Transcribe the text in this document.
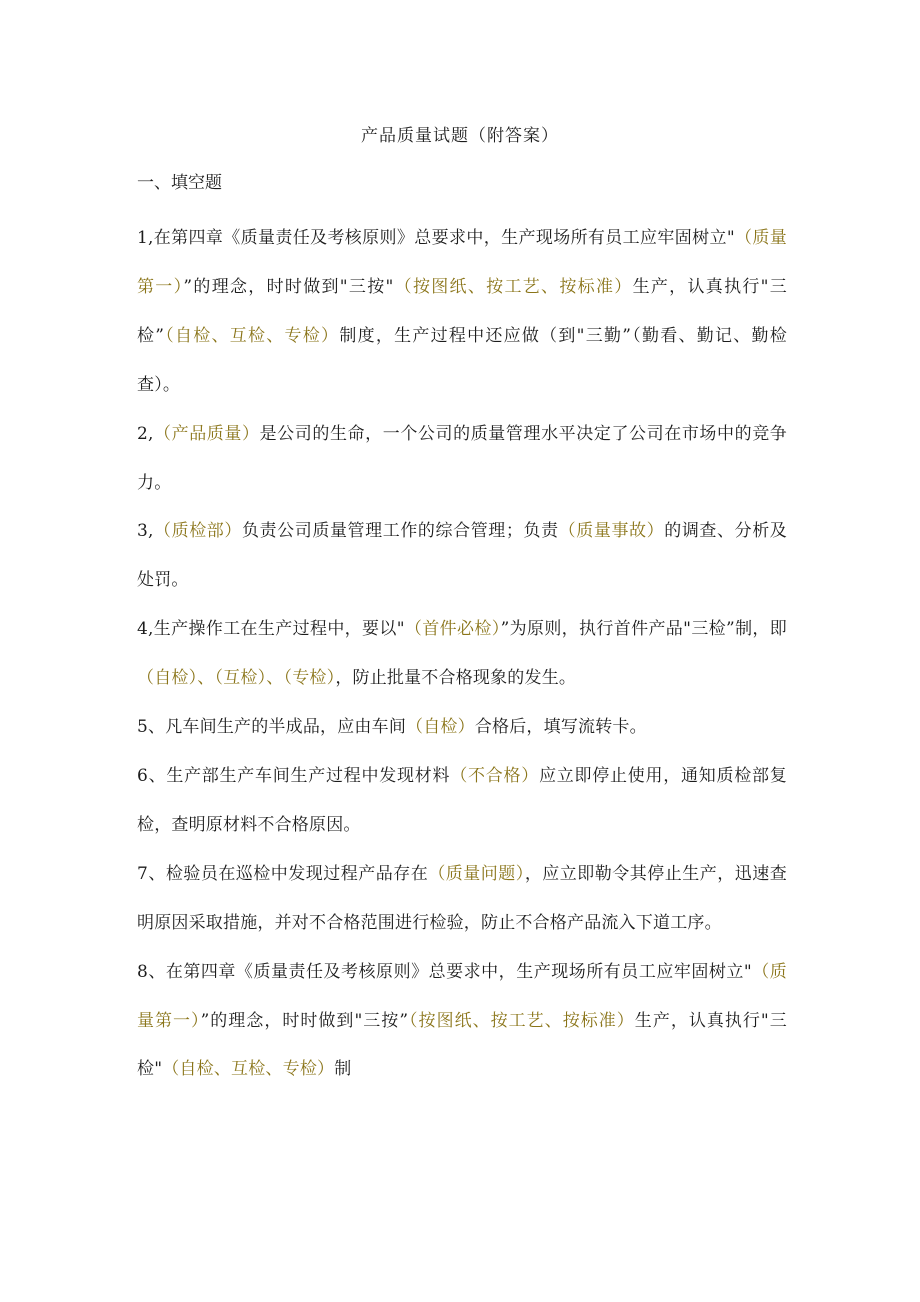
产品质量试题（附答案）
一、填空题

1,在第四章《质量责任及考核原则》总要求中，生产现场所有员工应牢固树立"（质量第一）”的理念，时时做到"三按"（按图纸、按工艺、按标准）生产，认真执行"三检”（自检、互检、专检）制度，生产过程中还应做（到"三勤”（勤看、勤记、勤检查）。

2,（产品质量）是公司的生命，一个公司的质量管理水平决定了公司在市场中的竞争力。

3,（质检部）负责公司质量管理工作的综合管理；负责（质量事故）的调查、分析及处罚。

4,生产操作工在生产过程中，要以"（首件必检）”为原则，执行首件产品"三检”制，即（自检）、（互检）、（专检），防止批量不合格现象的发生。

5、凡车间生产的半成品，应由车间（自检）合格后，填写流转卡。

6、生产部生产车间生产过程中发现材料（不合格）应立即停止使用，通知质检部复检，查明原材料不合格原因。

7、检验员在巡检中发现过程产品存在（质量问题），应立即勒令其停止生产，迅速查明原因采取措施，并对不合格范围进行检验，防止不合格产品流入下道工序。

8、在第四章《质量责任及考核原则》总要求中，生产现场所有员工应牢固树立"（质量第一）”的理念，时时做到"三按”（按图纸、按工艺、按标准）生产，认真执行"三检"（自检、互检、专检）制
